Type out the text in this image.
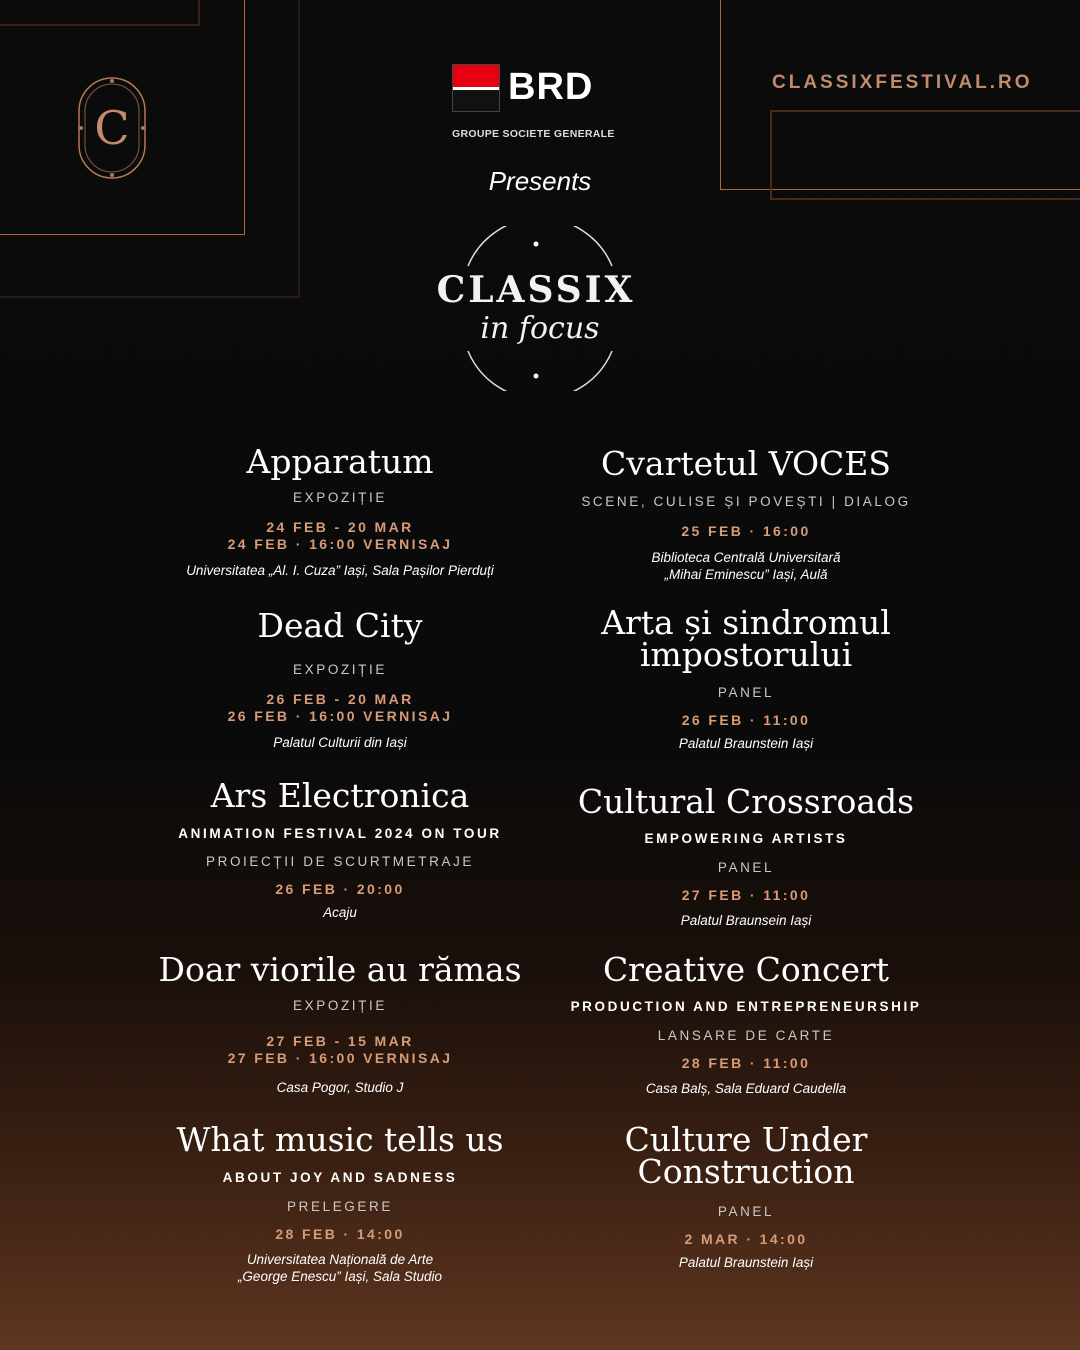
CLASSIXFESTIVAL.RO
C
BRD
GROUPE SOCIETE GENERALE
Presents
CLASSIX
in focus
Apparatum
EXPOZIȚIE
24 FEB - 20 MAR
24 FEB · 16:00 VERNISAJ
Universitatea „Al. I. Cuza” Iași, Sala Pașilor Pierduți
Dead City
EXPOZIȚIE
26 FEB - 20 MAR
26 FEB · 16:00 VERNISAJ
Palatul Culturii din Iași
Ars Electronica
ANIMATION FESTIVAL 2024 ON TOUR
PROIECȚII DE SCURTMETRAJE
26 FEB · 20:00
Acaju
Doar viorile au rămas
EXPOZIȚIE
27 FEB - 15 MAR
27 FEB · 16:00 VERNISAJ
Casa Pogor, Studio J
What music tells us
ABOUT JOY AND SADNESS
PRELEGERE
28 FEB · 14:00
Universitatea Națională de Arte
„George Enescu” Iași, Sala Studio
Cvartetul VOCES
SCENE, CULISE ȘI POVEȘTI | DIALOG
25 FEB · 16:00
Biblioteca Centrală Universitară
„Mihai Eminescu” Iași, Aulă
Arta și sindromul impostorului
PANEL
26 FEB · 11:00
Palatul Braunstein Iași
Cultural Crossroads
EMPOWERING ARTISTS
PANEL
27 FEB · 11:00
Palatul Braunsein Iași
Creative Concert
PRODUCTION AND ENTREPRENEURSHIP
LANSARE DE CARTE
28 FEB · 11:00
Casa Balș, Sala Eduard Caudella
Culture Under Construction
PANEL
2 MAR · 14:00
Palatul Braunstein Iași
